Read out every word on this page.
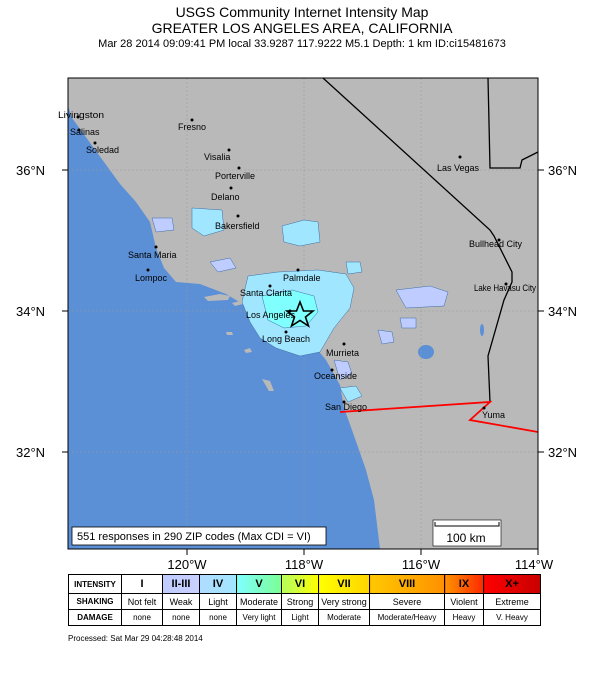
USGS Community Internet Intensity Map
GREATER LOS ANGELES AREA, CALIFORNIA
Mar 28 2014 09:09:41 PM local 33.9287 117.9222 M5.1 Depth: 1 km ID:ci15481673
Livingston
Salinas
Soledad
Fresno
Visalia
Porterville
Delano
Bakersfield
Santa Maria
Lompoc	Palmdale
Santa Clarita
Los Angeles
Long Beach
Murrieta
Oceanside
San Diego
Las Vegas
Bullhead City
Lake Havasu City
Yuma
36°N
34°N
32°N
36°N
34°N
32°N
120°W	118°W	116°W	114°W
551 responses in 290 ZIP codes (Max CDI = VI)	100 km
INTENSITY	I	II-III	IV	V	VI	VII	VIII	IX	X+
SHAKING	Not felt	Weak	Light	Moderate	Strong	Very strong	Severe	Violent	Extreme
DAMAGE	none	none	none	Very light	Light	Moderate	Moderate/Heavy	Heavy	V. Heavy
Processed: Sat Mar 29 04:28:48 2014
